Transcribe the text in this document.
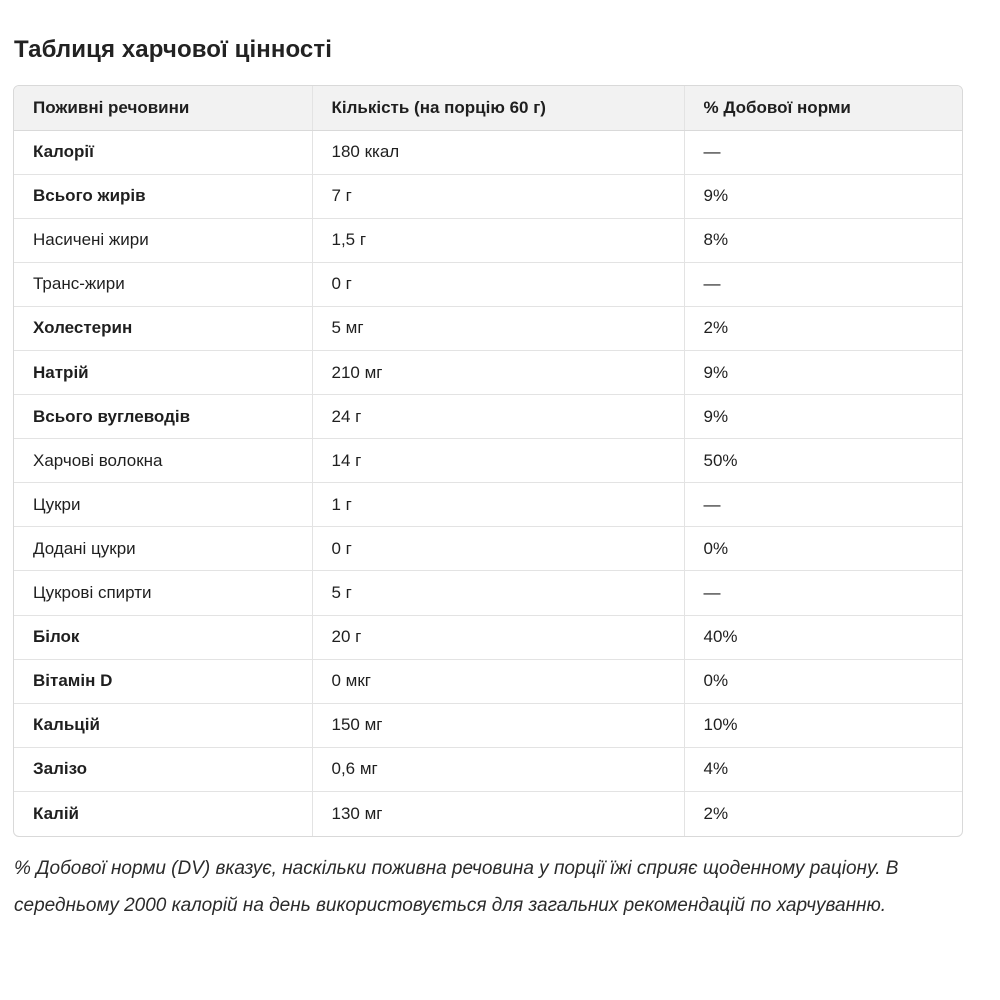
Таблиця харчової цінності
Поживні речовини	Кількість (на порцію 60 г)	% Добової норми
Калорії	180 ккал	—
Всього жирів	7 г	9%
Насичені жири	1,5 г	8%
Транс-жири	0 г	—
Холестерин	5 мг	2%
Натрій	210 мг	9%
Всього вуглеводів	24 г	9%
Харчові волокна	14 г	50%
Цукри	1 г	—
Додані цукри	0 г	0%
Цукрові спирти	5 г	—
Білок	20 г	40%
Вітамін D	0 мкг	0%
Кальцій	150 мг	10%
Залізо	0,6 мг	4%
Калій	130 мг	2%

% Добової норми (DV) вказує, наскільки поживна речовина у порції їжі сприяє щоденному раціону. В середньому 2000 калорій на день використовується для загальних рекомендацій по харчуванню.
